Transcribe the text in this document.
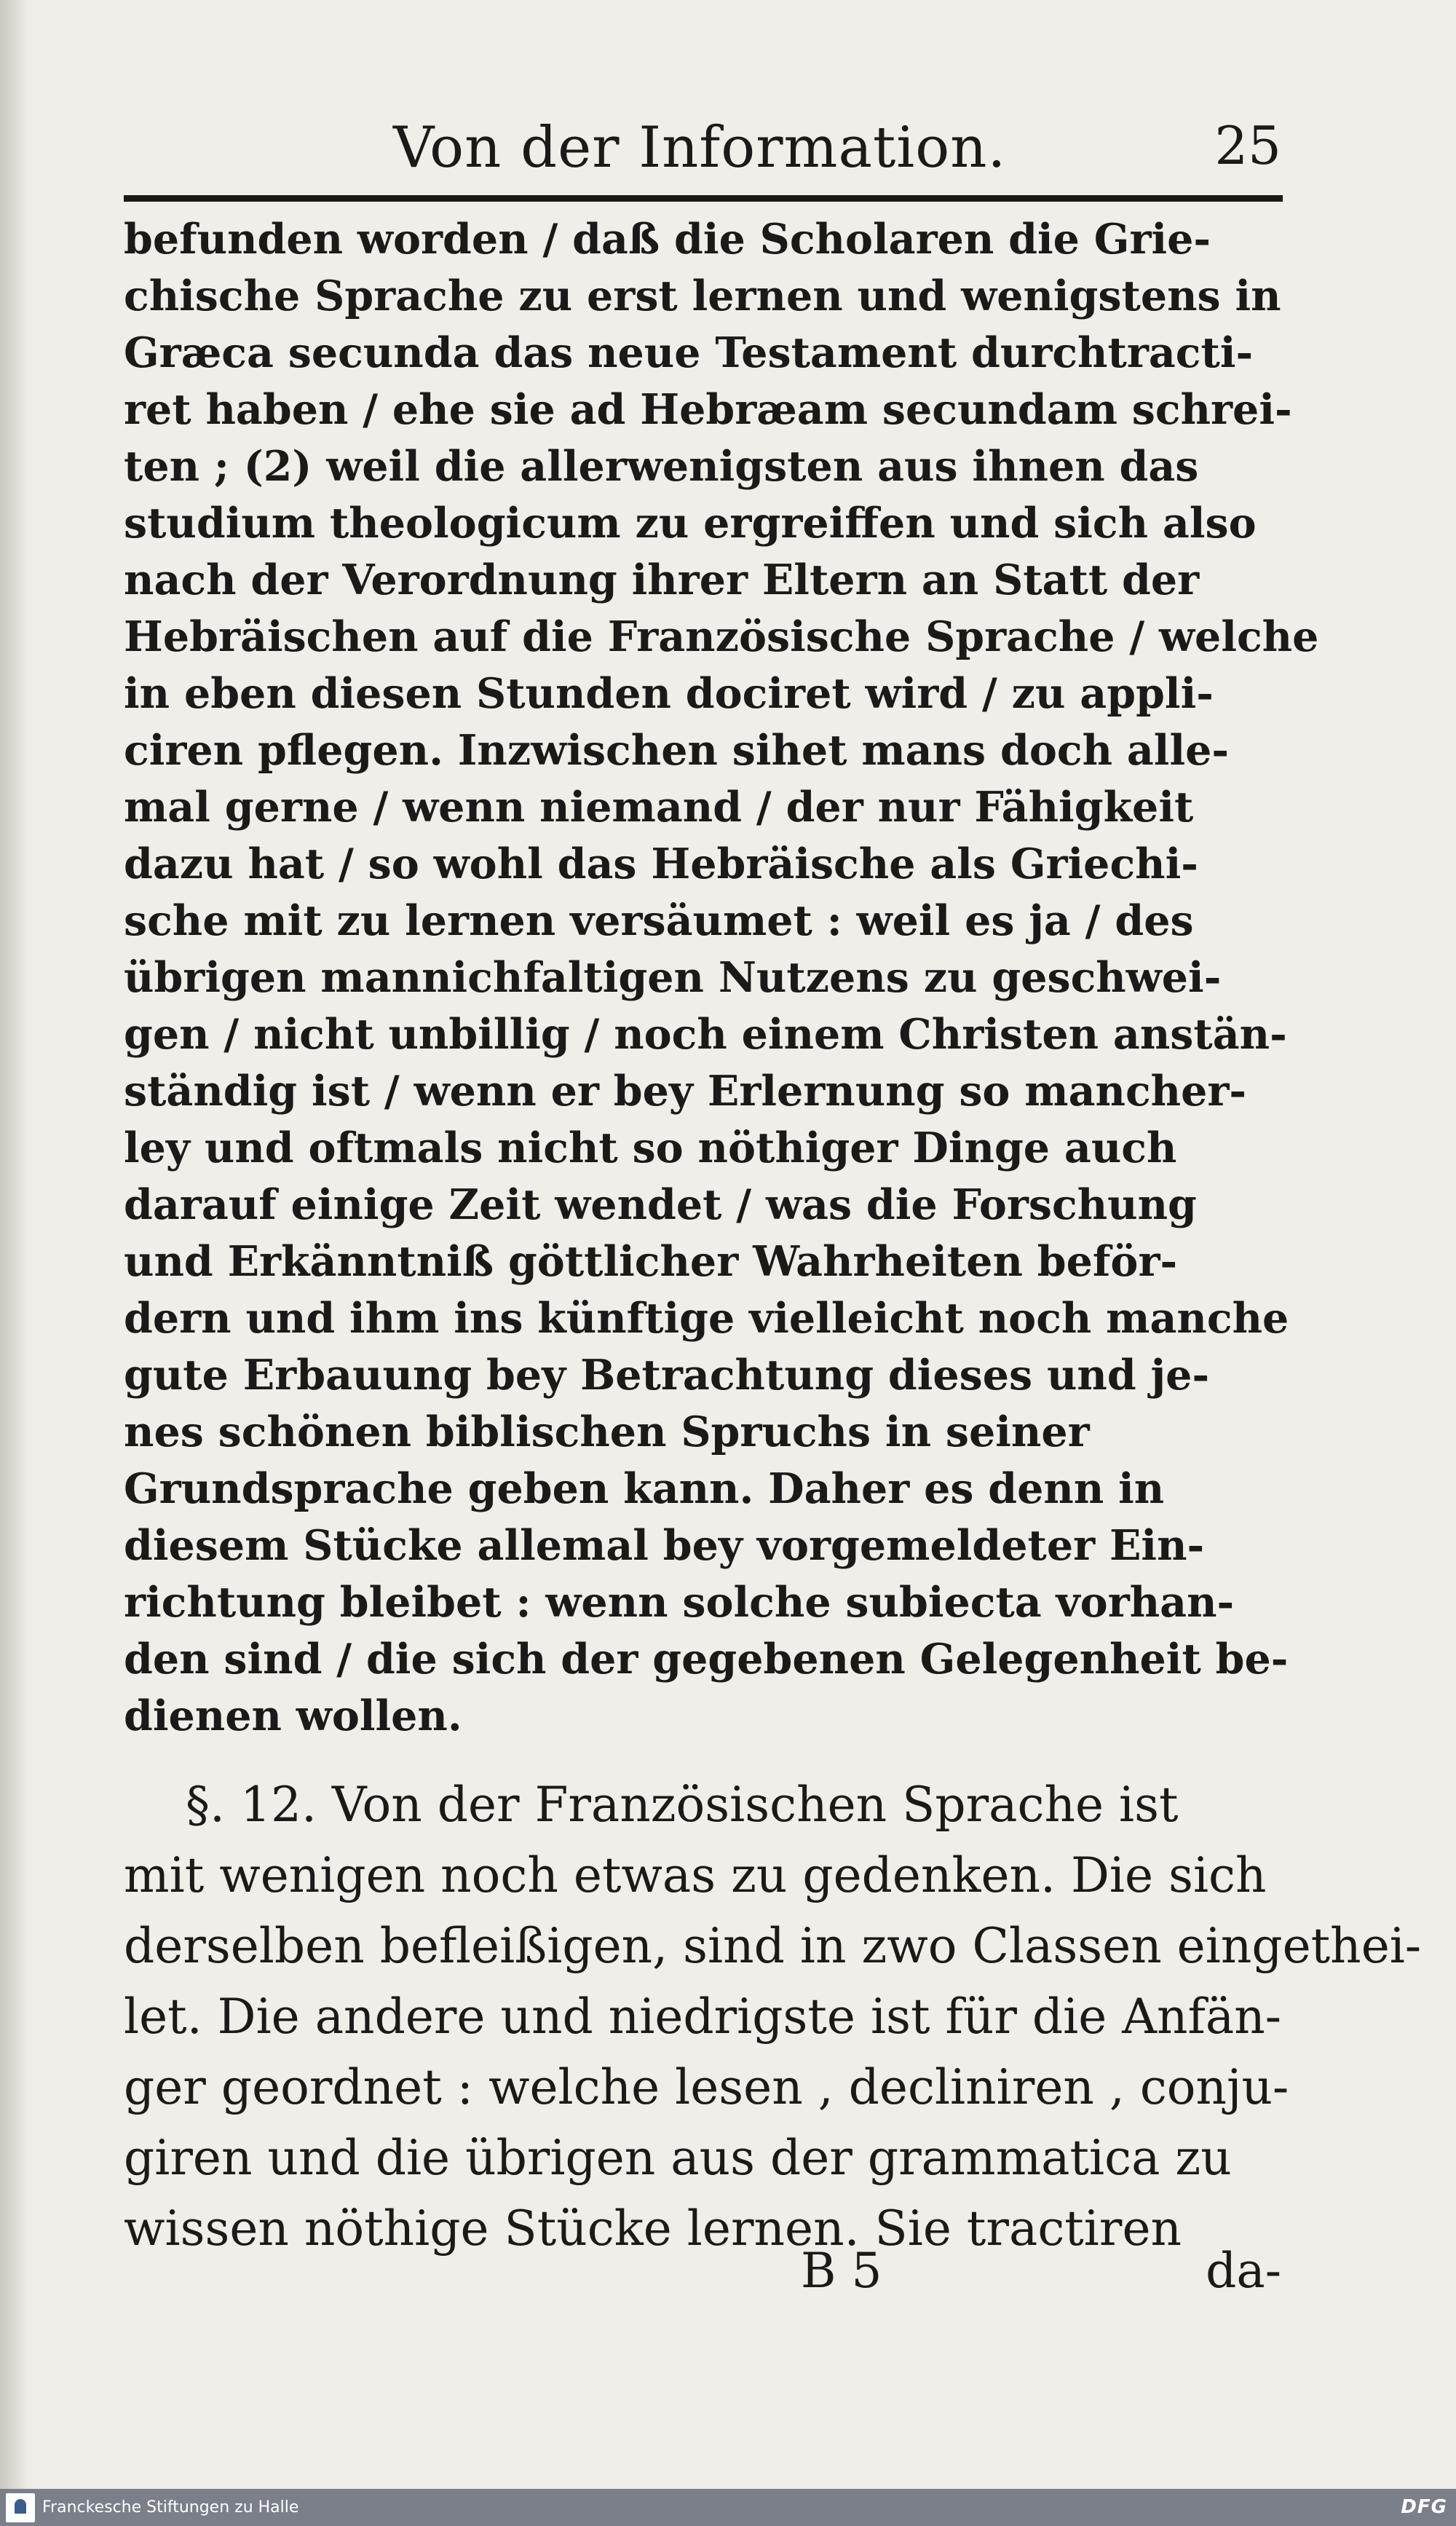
Von der Information.	25
befunden worden / daß die Scholaren die Grie-
chische Sprache zu erst lernen und wenigstens in
Græca secunda das neue Testament durchtracti-
ret haben / ehe sie ad Hebræam secundam schrei-
ten ; (2) weil die allerwenigsten aus ihnen das
studium theologicum zu ergreiffen und sich also
nach der Verordnung ihrer Eltern an Statt der
Hebräischen auf die Französische Sprache / welche
in eben diesen Stunden dociret wird / zu appli-
ciren pflegen. Inzwischen sihet mans doch alle-
mal gerne / wenn niemand / der nur Fähigkeit
dazu hat / so wohl das Hebräische als Griechi-
sche mit zu lernen versäumet : weil es ja / des
übrigen mannichfaltigen Nutzens zu geschwei-
gen / nicht unbillig / noch einem Christen anstän-
ständig ist / wenn er bey Erlernung so mancher-
ley und oftmals nicht so nöthiger Dinge auch
darauf einige Zeit wendet / was die Forschung
und Erkänntniß göttlicher Wahrheiten beför-
dern und ihm ins künftige vielleicht noch manche
gute Erbauung bey Betrachtung dieses und je-
nes schönen biblischen Spruchs in seiner
Grundsprache geben kann. Daher es denn in
diesem Stücke allemal bey vorgemeldeter Ein-
richtung bleibet : wenn solche subiecta vorhan-
den sind / die sich der gegebenen Gelegenheit be-
dienen wollen.
§. 12. Von der Französischen Sprache ist
mit wenigen noch etwas zu gedenken. Die sich
derselben befleißigen, sind in zwo Classen eingethei-
let. Die andere und niedrigste ist für die Anfän-
ger geordnet : welche lesen , decliniren , conju-
giren und die übrigen aus der grammatica zu
wissen nöthige Stücke lernen. Sie tractiren
B 5	da-
Franckesche Stiftungen zu Halle	DFG
